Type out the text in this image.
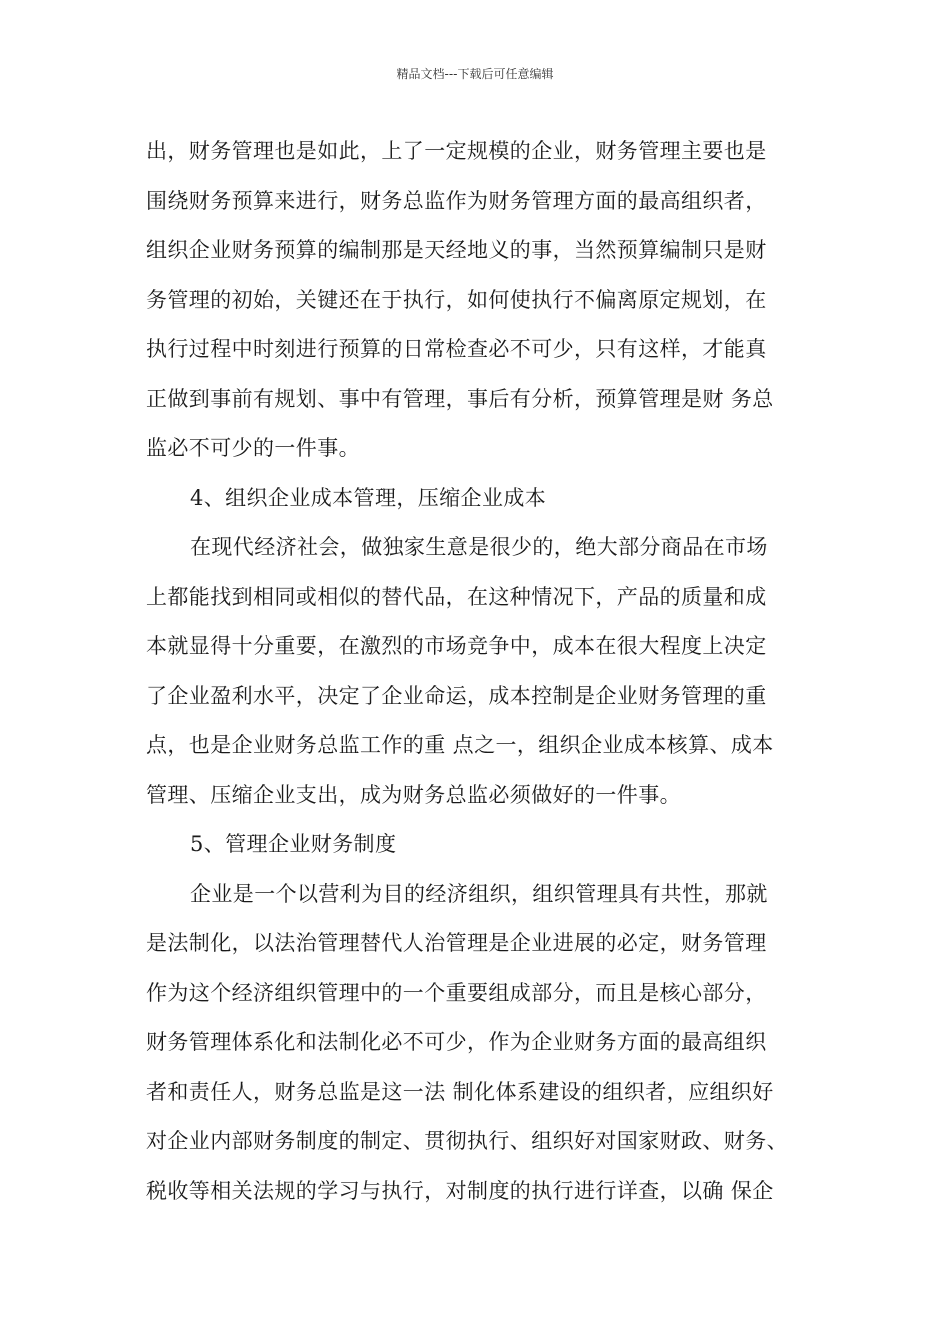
精品文档---下载后可任意编辑
出，财务管理也是如此，上了一定规模的企业，财务管理主要也是
围绕财务预算来进行，财务总监作为财务管理方面的最高组织者，
组织企业财务预算的编制那是天经地义的事，当然预算编制只是财
务管理的初始，关键还在于执行，如何使执行不偏离原定规划，在
执行过程中时刻进行预算的日常检查必不可少，只有这样，才能真
正做到事前有规划、事中有管理，事后有分析，预算管理是财 务总
监必不可少的一件事。
4、组织企业成本管理，压缩企业成本
在现代经济社会，做独家生意是很少的，绝大部分商品在市场
上都能找到相同或相似的替代品，在这种情况下，产品的质量和成
本就显得十分重要，在激烈的市场竞争中，成本在很大程度上决定
了企业盈利水平，决定了企业命运，成本控制是企业财务管理的重
点，也是企业财务总监工作的重 点之一，组织企业成本核算、成本
管理、压缩企业支出，成为财务总监必须做好的一件事。
5、管理企业财务制度
企业是一个以营利为目的经济组织，组织管理具有共性，那就
是法制化，以法治管理替代人治管理是企业进展的必定，财务管理
作为这个经济组织管理中的一个重要组成部分，而且是核心部分，
财务管理体系化和法制化必不可少，作为企业财务方面的最高组织
者和责任人，财务总监是这一法 制化体系建设的组织者，应组织好
对企业内部财务制度的制定、贯彻执行、组织好对国家财政、财务、
税收等相关法规的学习与执行，对制度的执行进行详查，以确 保企
